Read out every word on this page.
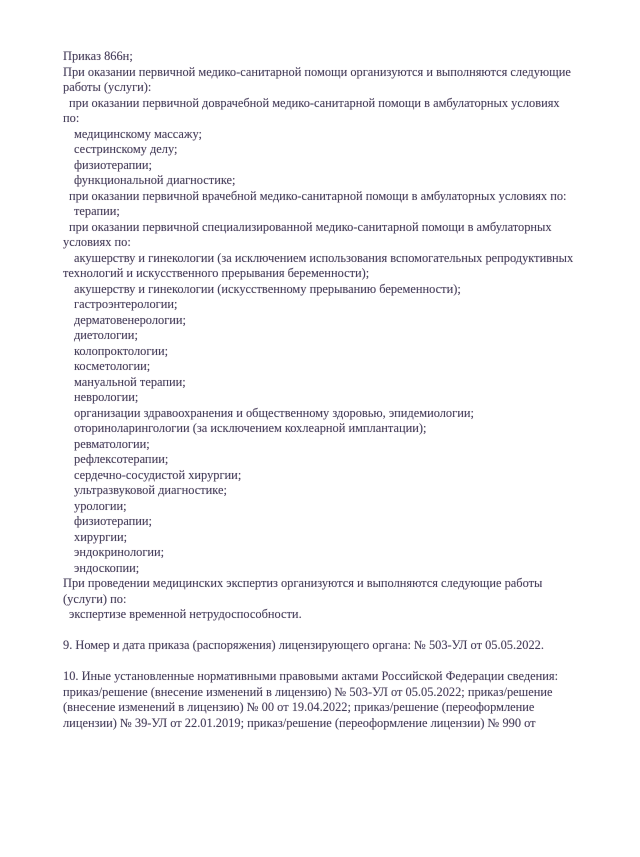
Приказ 866н;
При оказании первичной медико-санитарной помощи организуются и выполняются следующие
работы (услуги):
при оказании первичной доврачебной медико-санитарной помощи в амбулаторных условиях
по:
медицинскому массажу;
сестринскому делу;
физиотерапии;
функциональной диагностике;
при оказании первичной врачебной медико-санитарной помощи в амбулаторных условиях по:
терапии;
при оказании первичной специализированной медико-санитарной помощи в амбулаторных
условиях по:
акушерству и гинекологии (за исключением использования вспомогательных репродуктивных
технологий и искусственного прерывания беременности);
акушерству и гинекологии (искусственному прерыванию беременности);
гастроэнтерологии;
дерматовенерологии;
диетологии;
колопроктологии;
косметологии;
мануальной терапии;
неврологии;
организации здравоохранения и общественному здоровью, эпидемиологии;
оториноларингологии (за исключением кохлеарной имплантации);
ревматологии;
рефлексотерапии;
сердечно-сосудистой хирургии;
ультразвуковой диагностике;
урологии;
физиотерапии;
хирургии;
эндокринологии;
эндоскопии;
При проведении медицинских экспертиз организуются и выполняются следующие работы
(услуги) по:
экспертизе временной нетрудоспособности.
9. Номер и дата приказа (распоряжения) лицензирующего органа: № 503-УЛ от 05.05.2022.
10. Иные установленные нормативными правовыми актами Российской Федерации сведения:
приказ/решение (внесение изменений в лицензию) № 503-УЛ от 05.05.2022; приказ/решение
(внесение изменений в лицензию) № 00 от 19.04.2022; приказ/решение (переоформление
лицензии) № 39-УЛ от 22.01.2019; приказ/решение (переоформление лицензии) № 990 от
